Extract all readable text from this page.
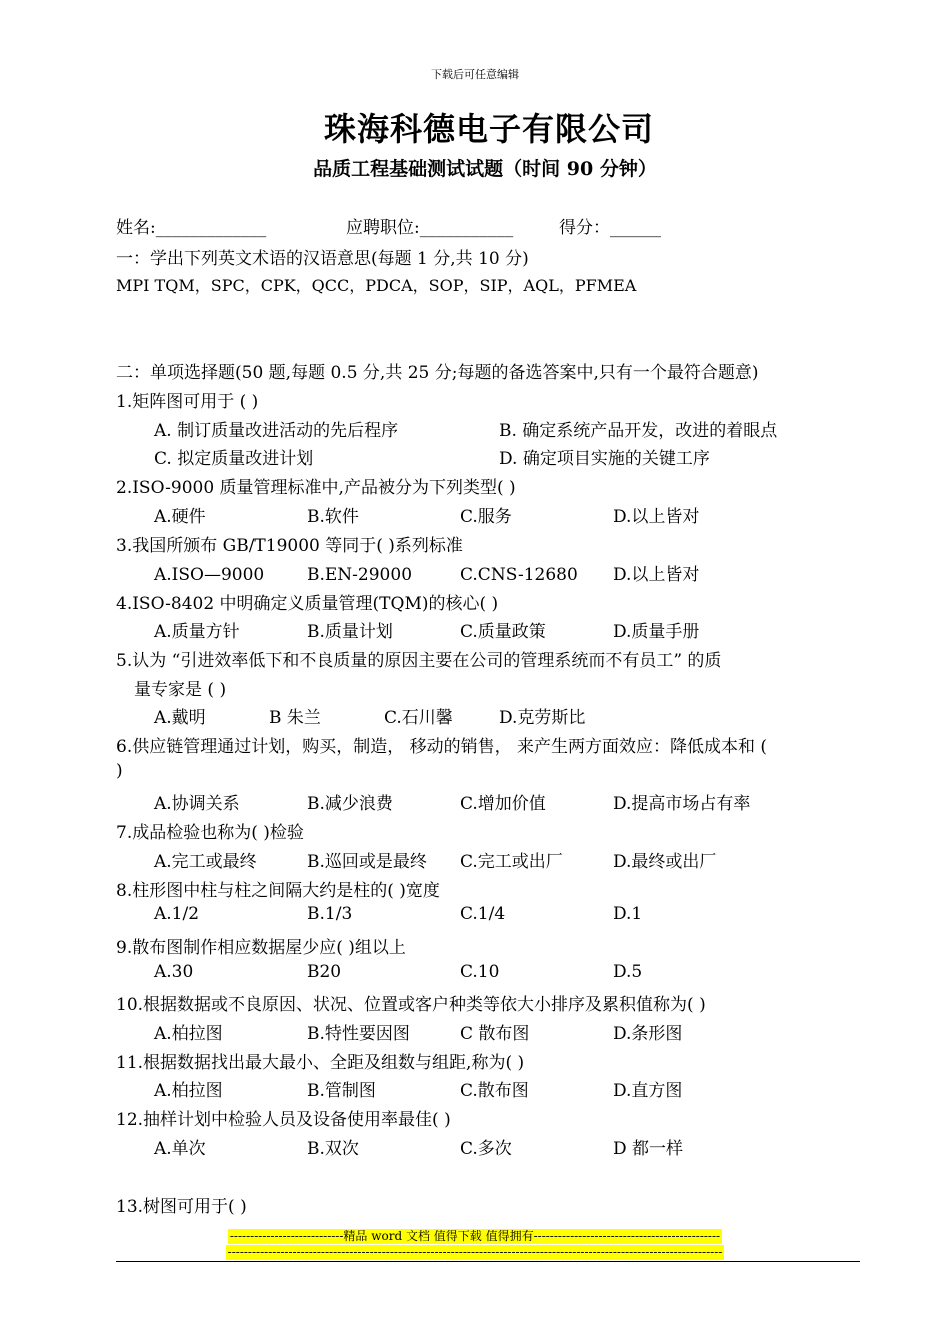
下载后可任意编辑
珠海科德电子有限公司
品质工程基础测试试题（时间 90 分钟）
姓名:_____________	应聘职位:___________	得分：______
一：学出下列英文术语的汉语意思(每题 1 分,共 10 分)
MPI TQM，SPC，CPK，QCC，PDCA，SOP，SIP，AQL，PFMEA
二：单项选择题(50 题,每题 0.5 分,共 25 分;每题的备选答案中,只有一个最符合题意)
1.矩阵图可用于 ( )
A. 制订质量改进活动的先后程序	B. 确定系统产品开发，改进的着眼点
C. 拟定质量改进计划	D. 确定项目实施的关键工序
2.ISO-9000 质量管理标准中,产品被分为下列类型( )
A.硬件	B.软件	C.服务	D.以上皆对
3.我国所颁布 GB/T19000 等同于( )系列标准
A.ISO—9000	B.EN-29000	C.CNS-12680 D.以上皆对
4.ISO-8402 中明确定义质量管理(TQM)的核心( )
A.质量方针	B.质量计划	C.质量政策	D.质量手册
5.认为 “引进效率低下和不良质量的原因主要在公司的管理系统而不有员工” 的质
量专家是 ( )
A.戴明	B 朱兰	C.石川馨	D.克劳斯比
6.供应链管理通过计划，购买，制造， 移动的销售， 来产生两方面效应：降低成本和 (
)
A.协调关系	B.减少浪费	C.增加价值	D.提高市场占有率
7.成品检验也称为( )检验
A.完工或最终	B.巡回或是最终 C.完工或出厂	D.最终或出厂
8.柱形图中柱与柱之间隔大约是柱的( )宽度
A.1/2	B.1/3	C.1/4	D.1
9.散布图制作相应数据屋少应( )组以上
A.30	B20	C.10	D.5
10.根据数据或不良原因、状况、位置或客户种类等依大小排序及累积值称为( )
A.柏拉图	B.特性要因图	C 散布图	D.条形图
11.根据数据找出最大最小、全距及组数与组距,称为( )
A.柏拉图	B.管制图	C.散布图	D.直方图
12.抽样计划中检验人员及设备使用率最佳( )
A.单次	B.双次	C.多次	D 都一样
13.树图可用于( )
----------------------------精品 word 文档 值得下载 值得拥有----------------------------------------------
--------------------------------------------------------------------------------------------------------------------------
